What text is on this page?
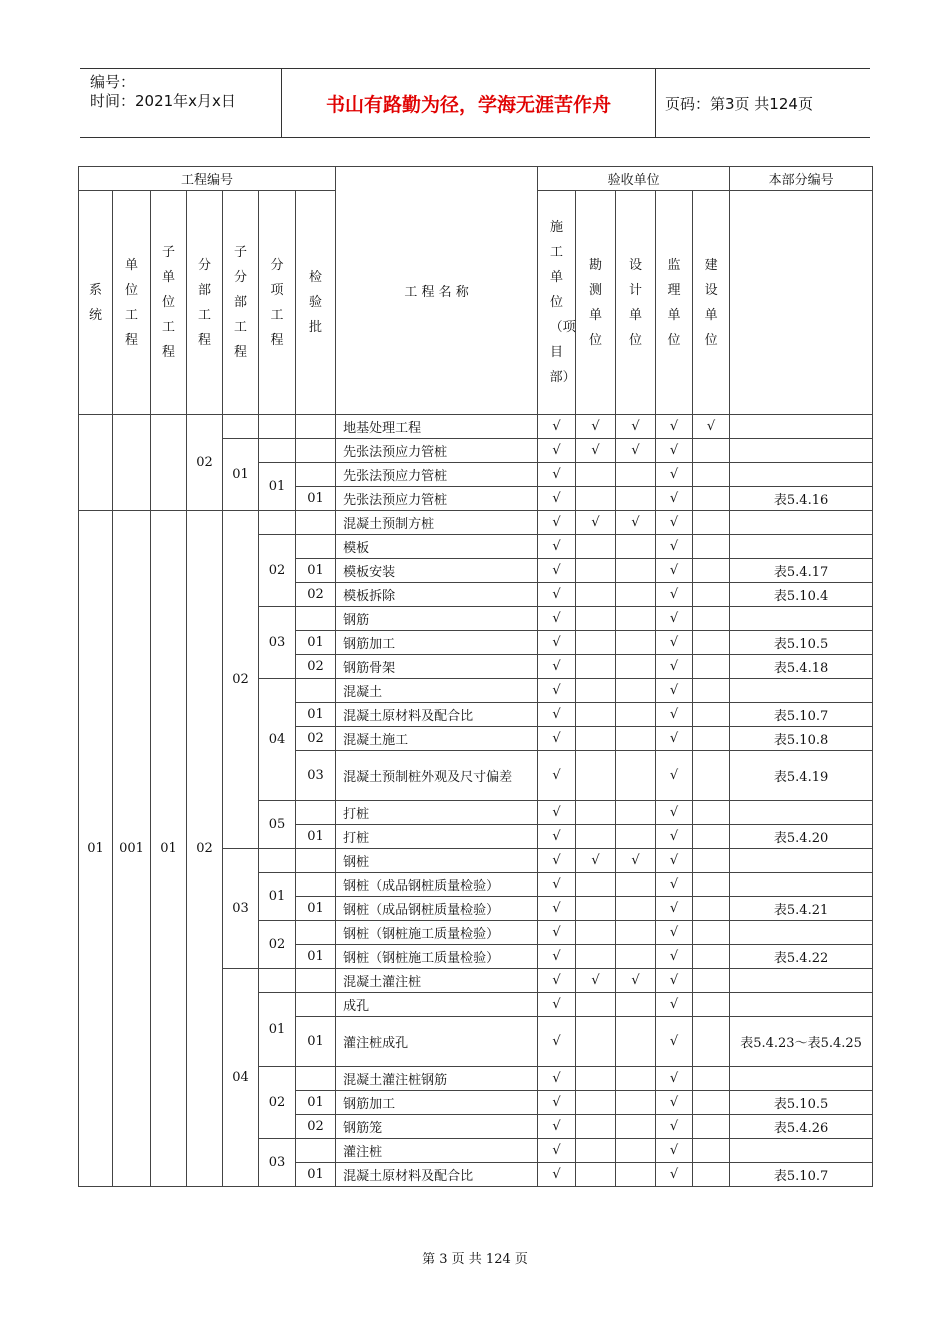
编号：
时间：2021年x月x日	书山有路勤为径，学海无涯苦作舟	页码：第3页 共124页
工程编号							工 程 名 称	验收单位					本部分编号
系统	单位工程	子单位工程	分部工程	子分部工程	分项工程	检验批		施工单位（项目部）	勘测单位	设计单位	监理单位	建设单位	
			02				地基处理工程	√	√	√	√	√	
				01			先张法预应力管桩	√	√	√	√		
					01		先张法预应力管桩	√			√		
						01	先张法预应力管桩	√			√		表5.4.16
01	001	01	02	02			混凝土预制方桩	√	√	√	√		
					02		模板	√			√		
						01	模板安装	√			√		表5.4.17
						02	模板拆除	√			√		表5.10.4
					03		钢筋	√			√		
						01	钢筋加工	√			√		表5.10.5
						02	钢筋骨架	√			√		表5.4.18
					04		混凝土	√			√		
						01	混凝土原材料及配合比	√			√		表5.10.7
						02	混凝土施工	√			√		表5.10.8
						03	混凝土预制桩外观及尺寸偏差	√			√		表5.4.19
					05		打桩	√			√		
						01	打桩	√			√		表5.4.20
				03			钢桩	√	√	√	√		
					01		钢桩（成品钢桩质量检验）	√			√		
						01	钢桩（成品钢桩质量检验）	√			√		表5.4.21
					02		钢桩（钢桩施工质量检验）	√			√		
						01	钢桩（钢桩施工质量检验）	√			√		表5.4.22
				04			混凝土灌注桩	√	√	√	√		
					01		成孔	√			√		
						01	灌注桩成孔	√			√		表5.4.23～表5.4.25
					02		混凝土灌注桩钢筋	√			√		
						01	钢筋加工	√			√		表5.10.5
						02	钢筋笼	√			√		表5.4.26
					03		灌注桩	√			√		
						01	混凝土原材料及配合比	√			√		表5.10.7
第 3 页 共 124 页
